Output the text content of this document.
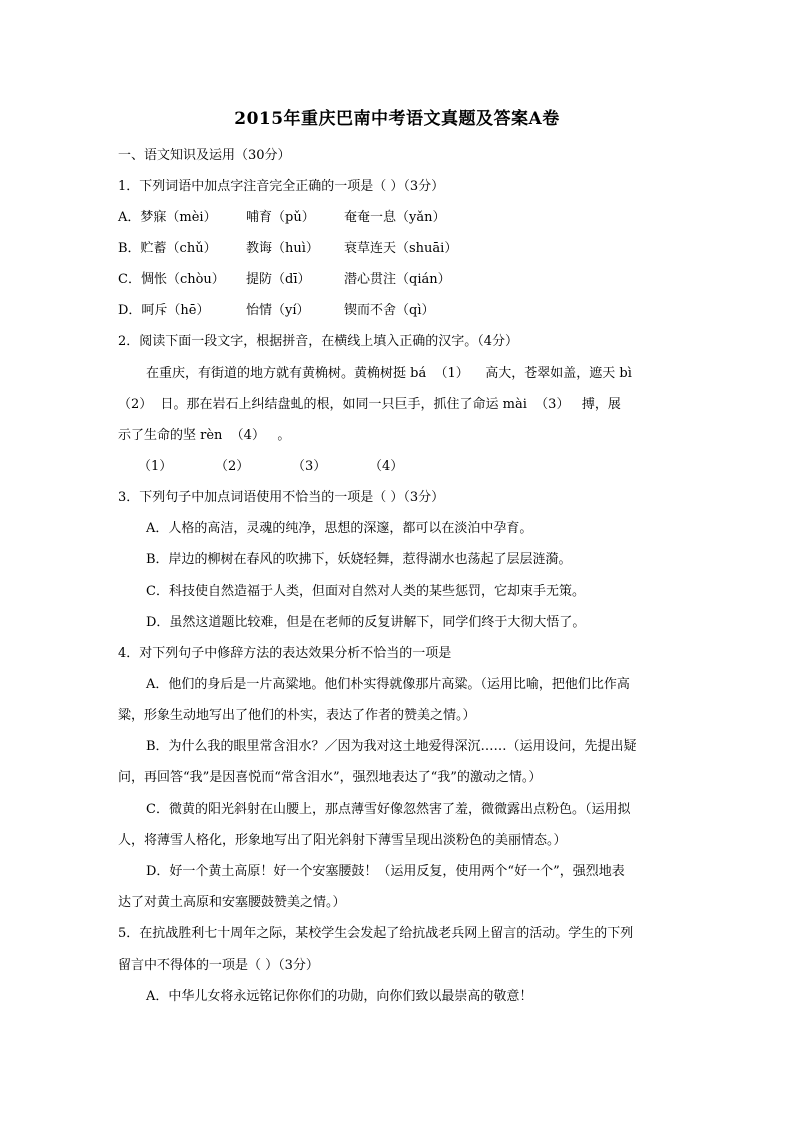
2015年重庆巴南中考语文真题及答案A卷
一、语文知识及运用（30分）
1．下列词语中加点字注音完全正确的一项是（ ）（3分）
A．梦寐（mèi） 哺育（pǔ） 奄奄一息（yǎn）
B．贮蓄（chǔ） 教诲（huì） 衰草连天（shuāi）
C．惆怅（chòu） 提防（dī）	潜心贯注（qián）
D．呵斥（hē）	怡情（yí）	锲而不舍（qì）
2．阅读下面一段文字，根据拼音，在横线上填入正确的汉字。（4分）
在重庆，有街道的地方就有黄桷树。黄桷树挺 bá  （1）    高大，苍翠如盖，遮天 bì
（2）  日。那在岩石上纠结盘虬的根，如同一只巨手，抓住了命运 mài  （3）   搏，展
示了生命的坚 rèn  （4）   。
（1）	（2）	（3）	（4）
3．下列句子中加点词语使用不恰当的一项是（ ）（3分）
A．人格的高洁，灵魂的纯净，思想的深邃，都可以在淡泊中孕育。
B．岸边的柳树在春风的吹拂下，妖娆轻舞，惹得湖水也荡起了层层涟漪。
C．科技使自然造福于人类，但面对自然对人类的某些惩罚，它却束手无策。
D．虽然这道题比较难，但是在老师的反复讲解下，同学们终于大彻大悟了。
4．对下列句子中修辞方法的表达效果分析不恰当的一项是
A．他们的身后是一片高粱地。他们朴实得就像那片高粱。（运用比喻，把他们比作高
粱，形象生动地写出了他们的朴实，表达了作者的赞美之情。）
B．为什么我的眼里常含泪水？／因为我对这土地爱得深沉……（运用设问，先提出疑
问，再回答“我”是因喜悦而“常含泪水”，强烈地表达了“我”的激动之情。）
C．微黄的阳光斜射在山腰上，那点薄雪好像忽然害了羞，微微露出点粉色。（运用拟
人，将薄雪人格化，形象地写出了阳光斜射下薄雪呈现出淡粉色的美丽情态。）
D．好一个黄土高原！好一个安塞腰鼓！（运用反复，使用两个“好一个”，强烈地表
达了对黄土高原和安塞腰鼓赞美之情。）
5．在抗战胜利七十周年之际，某校学生会发起了给抗战老兵网上留言的活动。学生的下列
留言中不得体的一项是（ ）（3分）
A．中华儿女将永远铭记你你们的功勋，向你们致以最崇高的敬意！
